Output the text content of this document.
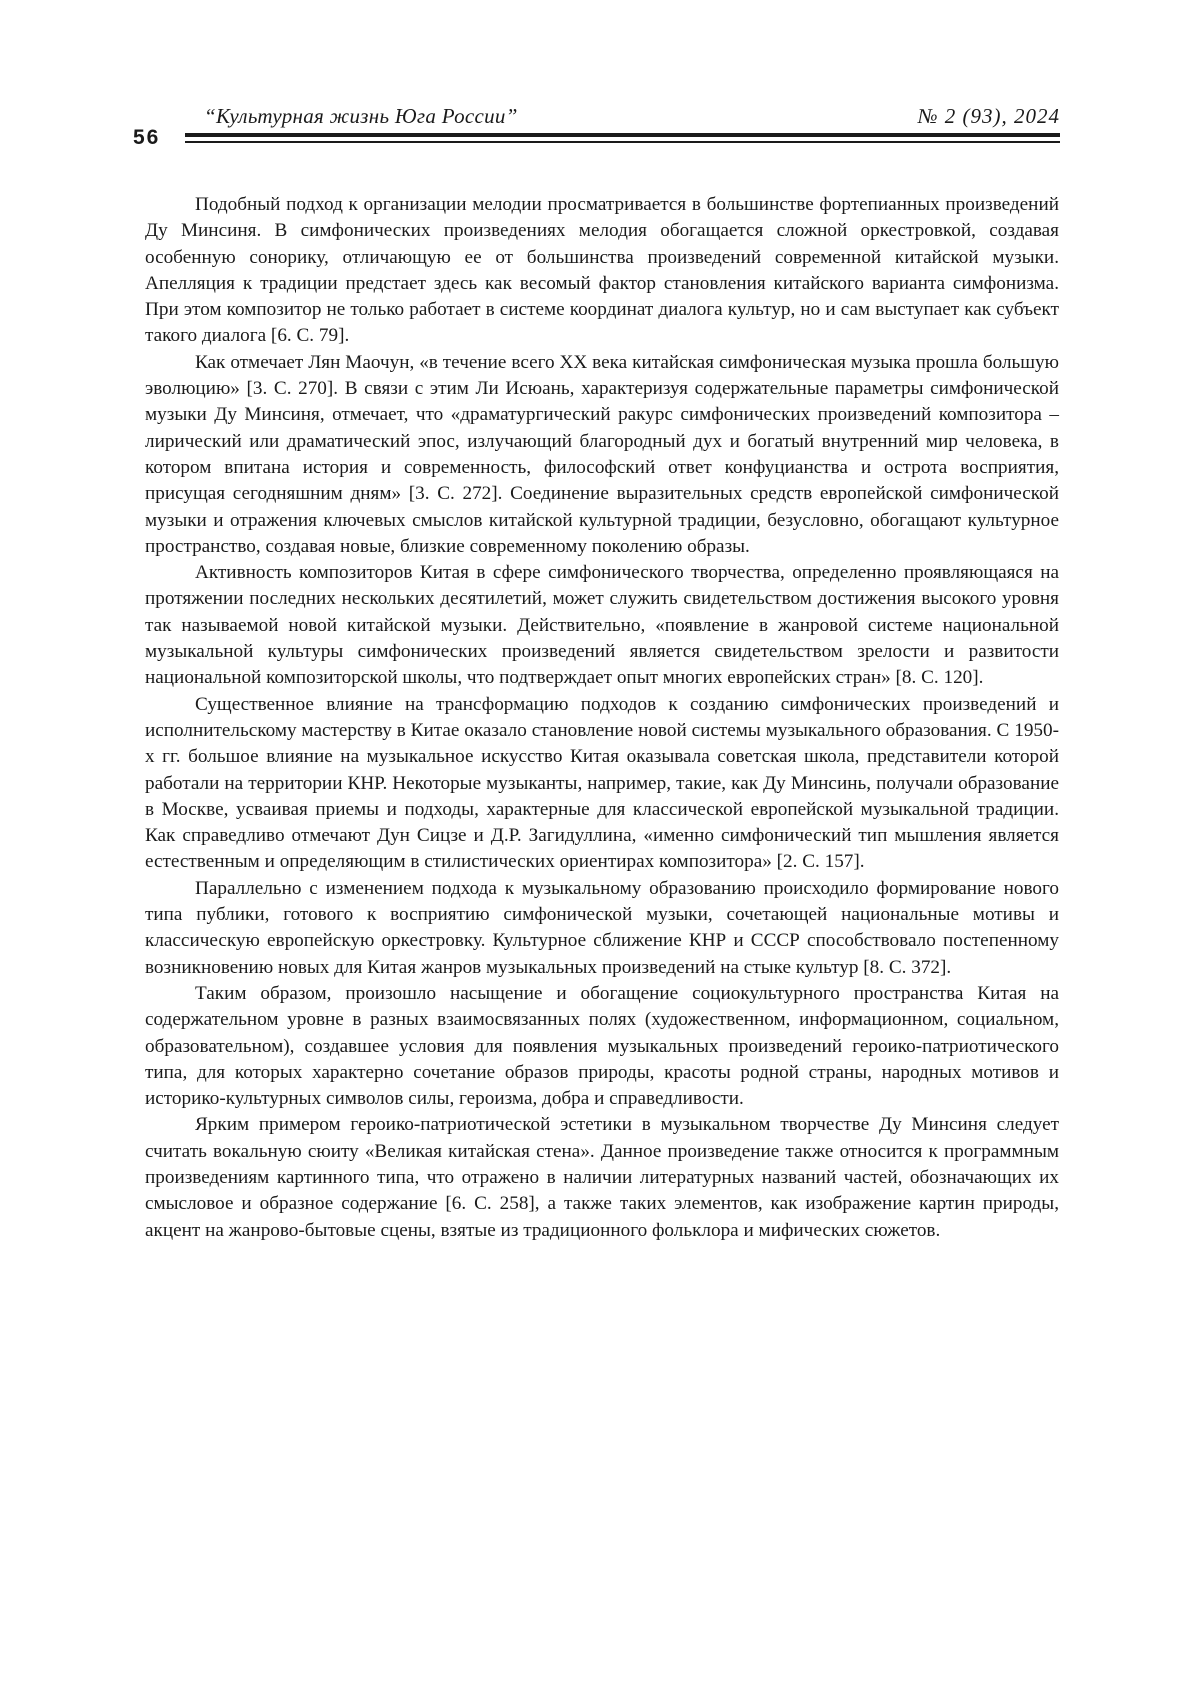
56
“Культурная жизнь Юга России”	№ 2 (93), 2024

Подобный подход к организации мелодии просматривается в большинстве фортепианных произведений Ду Минсиня. В симфонических произведениях мелодия обогащается сложной оркестровкой, создавая особенную сонорику, отличающую ее от большинства произведений современной китайской музыки. Апелляция к традиции предстает здесь как весомый фактор становления китайского варианта симфонизма. При этом композитор не только работает в системе координат диалога культур, но и сам выступает как субъект такого диалога [6. С. 79].

Как отмечает Лян Маочун, «в течение всего XX века китайская симфоническая музыка прошла большую эволюцию» [3. С. 270]. В связи с этим Ли Исюань, характеризуя содержательные параметры симфонической музыки Ду Минсиня, отмечает, что «драматургический ракурс симфонических произведений композитора – лирический или драматический эпос, излучающий благородный дух и богатый внутренний мир человека, в котором впитана история и современность, философский ответ конфуцианства и острота восприятия, присущая сегодняшним дням» [3. С. 272]. Соединение выразительных средств европейской симфонической музыки и отражения ключевых смыслов китайской культурной традиции, безусловно, обогащают культурное пространство, создавая новые, близкие современному поколению образы.

Активность композиторов Китая в сфере симфонического творчества, определенно проявляющаяся на протяжении последних нескольких десятилетий, может служить свидетельством достижения высокого уровня так называемой новой китайской музыки. Действительно, «появление в жанровой системе национальной музыкальной культуры симфонических произведений является свидетельством зрелости и развитости национальной композиторской школы, что подтверждает опыт многих европейских стран» [8. С. 120].

Существенное влияние на трансформацию подходов к созданию симфонических произведений и исполнительскому мастерству в Китае оказало становление новой системы музыкального образования. С 1950-х гг. большое влияние на музыкальное искусство Китая оказывала советская школа, представители которой работали на территории КНР. Некоторые музыканты, например, такие, как Ду Минсинь, получали образование в Москве, усваивая приемы и подходы, характерные для классической европейской музыкальной традиции. Как справедливо отмечают Дун Сицзе и Д.Р. Загидуллина, «именно симфонический тип мышления является естественным и определяющим в стилистических ориентирах композитора» [2. С. 157].

Параллельно с изменением подхода к музыкальному образованию происходило формирование нового типа публики, готового к восприятию симфонической музыки, сочетающей национальные мотивы и классическую европейскую оркестровку. Культурное сближение КНР и СССР способствовало постепенному возникновению новых для Китая жанров музыкальных произведений на стыке культур [8. С. 372].

Таким образом, произошло насыщение и обогащение социокультурного пространства Китая на содержательном уровне в разных взаимосвязанных полях (художественном, информационном, социальном, образовательном), создавшее условия для появления музыкальных произведений героико-патриотического типа, для которых характерно сочетание образов природы, красоты родной страны, народных мотивов и историко-культурных символов силы, героизма, добра и справедливости.

Ярким примером героико-патриотической эстетики в музыкальном творчестве Ду Минсиня следует считать вокальную сюиту «Великая китайская стена». Данное произведение также относится к программным произведениям картинного типа, что отражено в наличии литературных названий частей, обозначающих их смысловое и образное содержание [6. С. 258], а также таких элементов, как изображение картин природы, акцент на жанрово-бытовые сцены, взятые из традиционного фольклора и мифических сюжетов.
